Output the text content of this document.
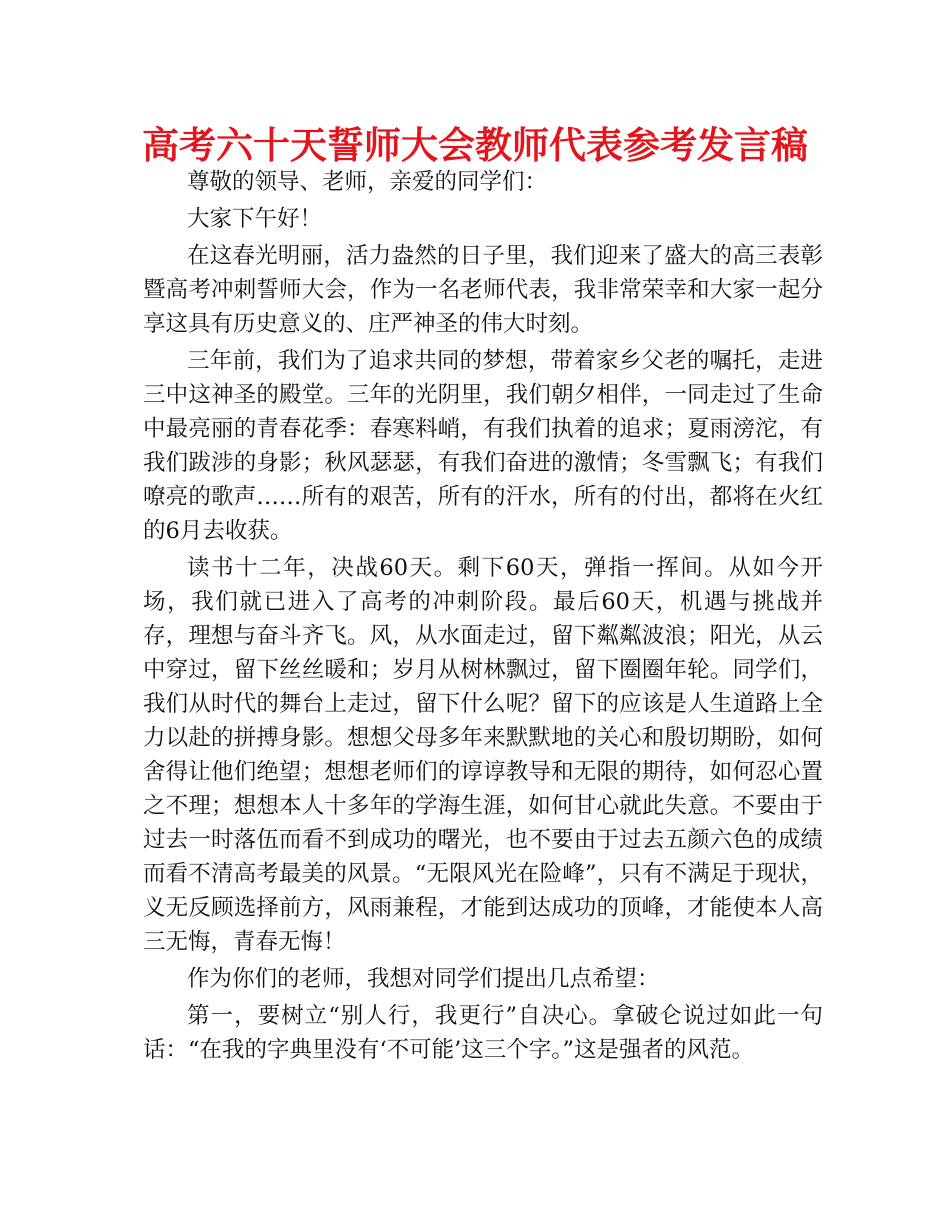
高考六十天誓师大会教师代表参考发言稿

尊敬的领导、老师，亲爱的同学们：

大家下午好！

在这春光明丽，活力盎然的日子里，我们迎来了盛大的高三表彰暨高考冲刺誓师大会，作为一名老师代表，我非常荣幸和大家一起分享这具有历史意义的、庄严神圣的伟大时刻。

三年前，我们为了追求共同的梦想，带着家乡父老的嘱托，走进三中这神圣的殿堂。三年的光阴里，我们朝夕相伴，一同走过了生命中最亮丽的青春花季：春寒料峭，有我们执着的追求；夏雨滂沱，有我们跋涉的身影；秋风瑟瑟，有我们奋进的激情；冬雪飘飞；有我们嘹亮的歌声……所有的艰苦，所有的汗水，所有的付出，都将在火红的6月去收获。

读书十二年，决战60天。剩下60天，弹指一挥间。从如今开场，我们就已进入了高考的冲刺阶段。最后60天，机遇与挑战并存，理想与奋斗齐飞。风，从水面走过，留下粼粼波浪；阳光，从云中穿过，留下丝丝暖和；岁月从树林飘过，留下圈圈年轮。同学们，我们从时代的舞台上走过，留下什么呢？留下的应该是人生道路上全力以赴的拼搏身影。想想父母多年来默默地的关心和殷切期盼，如何舍得让他们绝望；想想老师们的谆谆教导和无限的期待，如何忍心置之不理；想想本人十多年的学海生涯，如何甘心就此失意。不要由于过去一时落伍而看不到成功的曙光，也不要由于过去五颜六色的成绩而看不清高考最美的风景。“无限风光在险峰”，只有不满足于现状，义无反顾选择前方，风雨兼程，才能到达成功的顶峰，才能使本人高三无悔，青春无悔！

作为你们的老师，我想对同学们提出几点希望：

第一，要树立“别人行，我更行”自决心。拿破仑说过如此一句话：“在我的字典里没有‘不可能’这三个字。”这是强者的风范。
